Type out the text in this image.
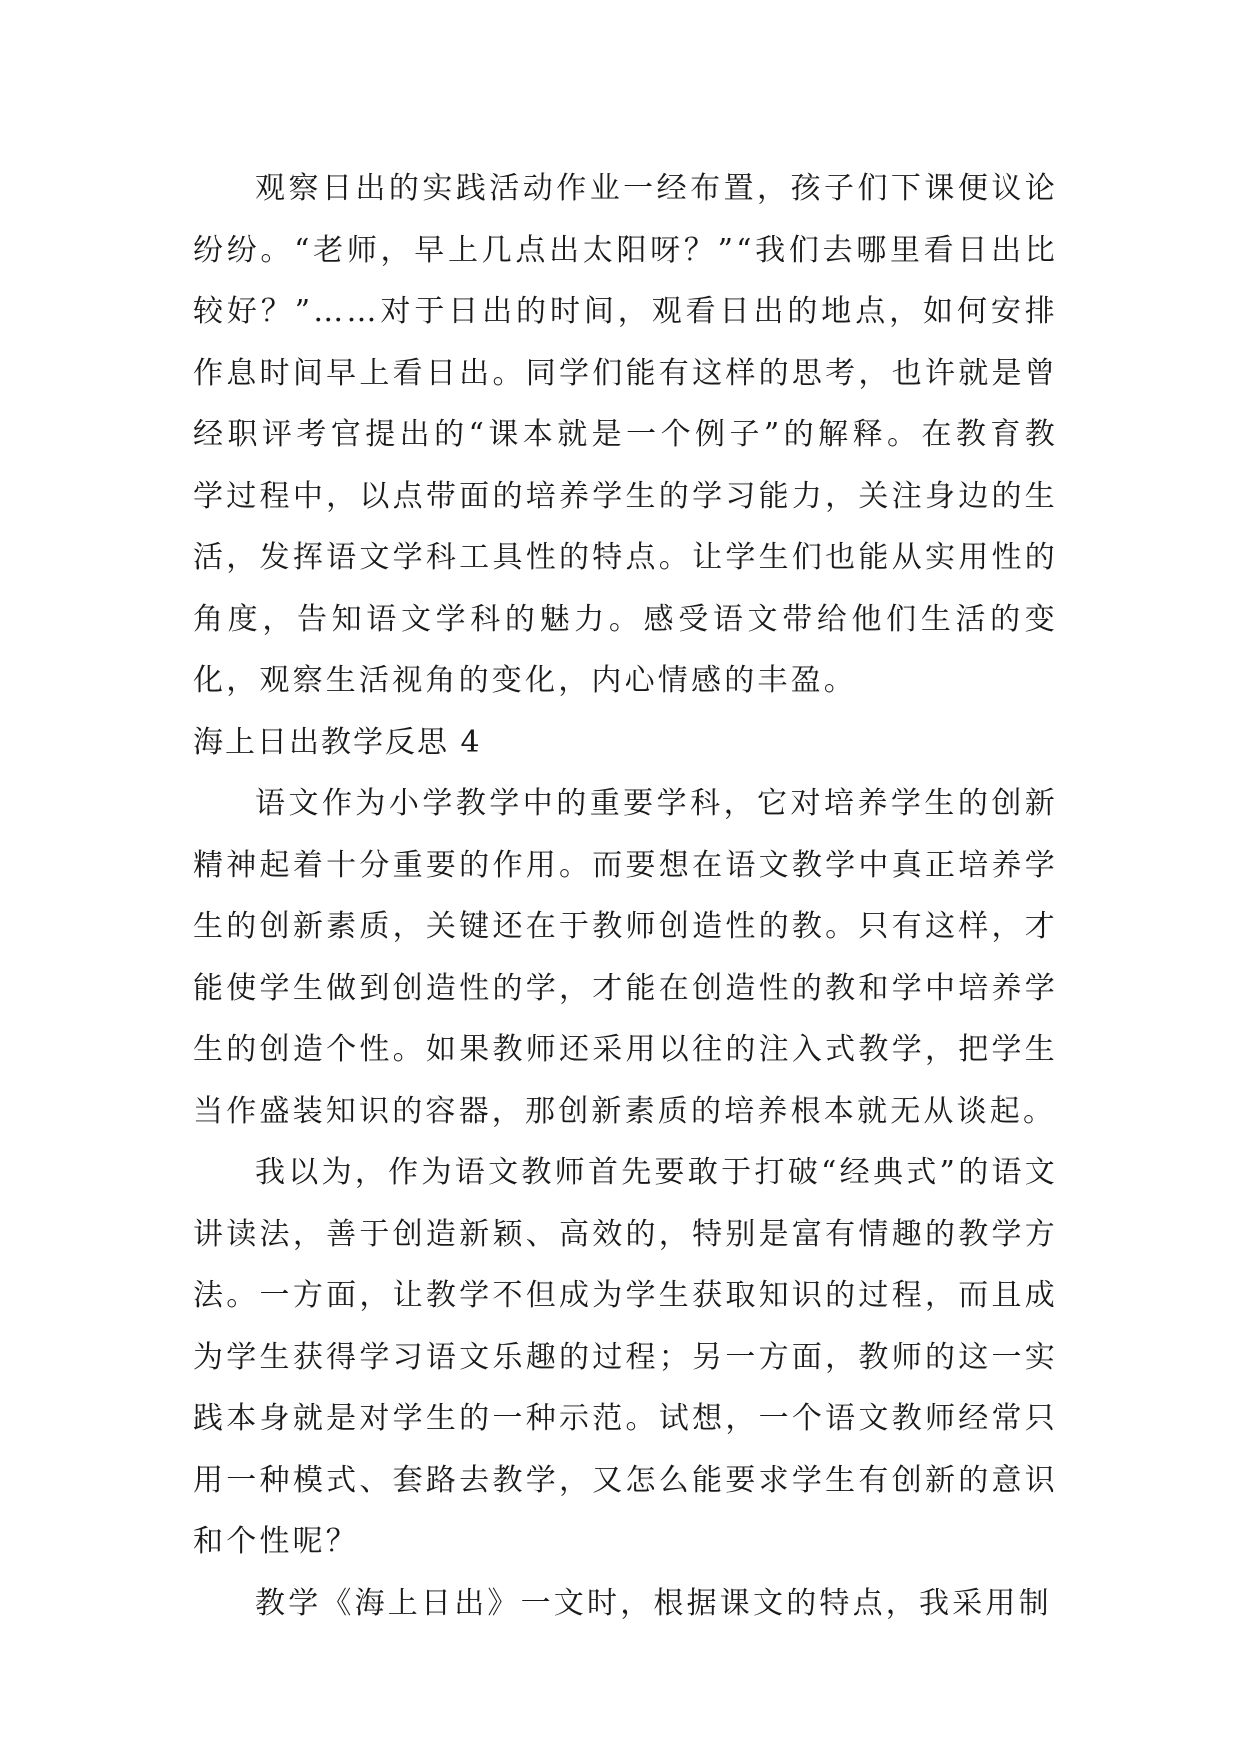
观察日出的实践活动作业一经布置，孩子们下课便议论纷纷。“老师，早上几点出太阳呀？”“我们去哪里看日出比较好？”……对于日出的时间，观看日出的地点，如何安排作息时间早上看日出。同学们能有这样的思考，也许就是曾经职评考官提出的“课本就是一个例子”的解释。在教育教学过程中，以点带面的培养学生的学习能力，关注身边的生活，发挥语文学科工具性的特点。让学生们也能从实用性的角度，告知语文学科的魅力。感受语文带给他们生活的变化，观察生活视角的变化，内心情感的丰盈。

海上日出教学反思 4

语文作为小学教学中的重要学科，它对培养学生的创新精神起着十分重要的作用。而要想在语文教学中真正培养学生的创新素质，关键还在于教师创造性的教。只有这样，才能使学生做到创造性的学，才能在创造性的教和学中培养学生的创造个性。如果教师还采用以往的注入式教学，把学生当作盛装知识的容器，那创新素质的培养根本就无从谈起。

我以为，作为语文教师首先要敢于打破“经典式”的语文讲读法，善于创造新颖、高效的，特别是富有情趣的教学方法。一方面，让教学不但成为学生获取知识的过程，而且成为学生获得学习语文乐趣的过程；另一方面，教师的这一实践本身就是对学生的一种示范。试想，一个语文教师经常只用一种模式、套路去教学，又怎么能要求学生有创新的意识和个性呢？

教学《海上日出》一文时，根据课文的特点，我采用制
